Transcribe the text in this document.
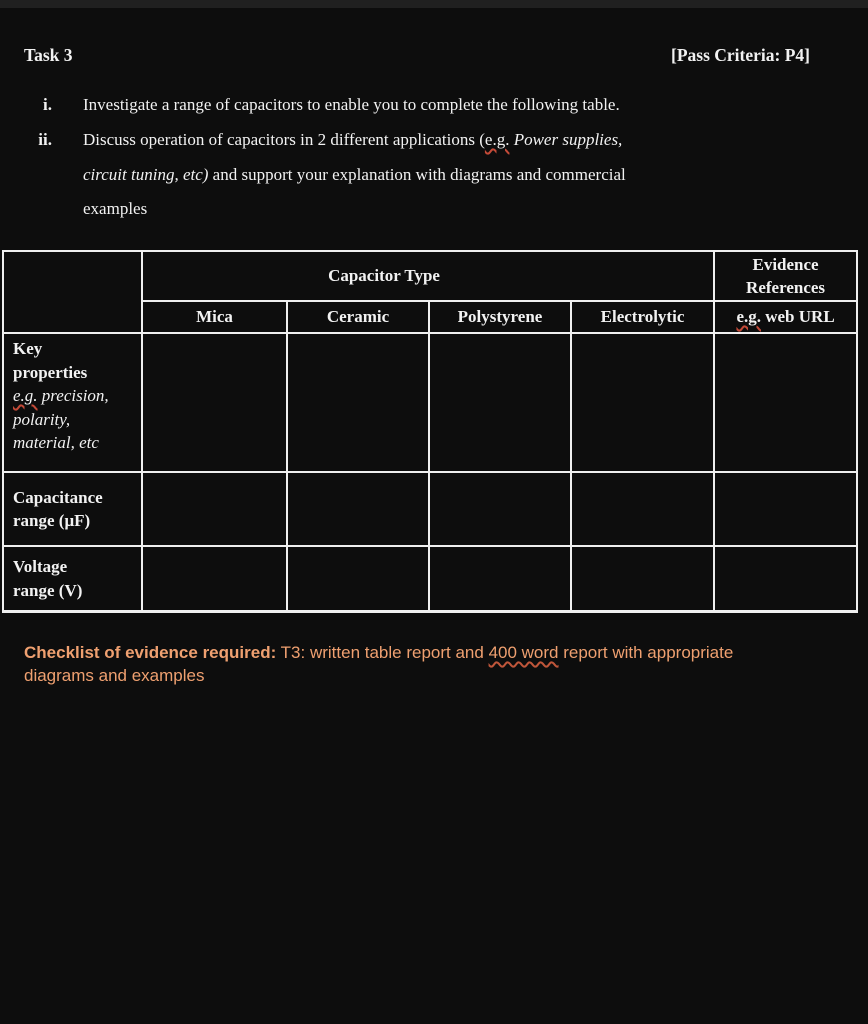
Task 3	[Pass Criteria: P4]
i. Investigate a range of capacitors to enable you to complete the following table.
ii. Discuss operation of capacitors in 2 different applications (e.g. Power supplies,
circuit tuning, etc) and support your explanation with diagrams and commercial
examples
	Capacitor Type				Evidence References
	Mica	Ceramic	Polystyrene	Electrolytic	e.g. web URL

Key
properties
e.g. precision,
polarity,
material, etc					

Capacitance
range (μF)					

Voltage
range (V)					

Checklist of evidence required: T3: written table report and 400 word report with appropriate diagrams and examples
